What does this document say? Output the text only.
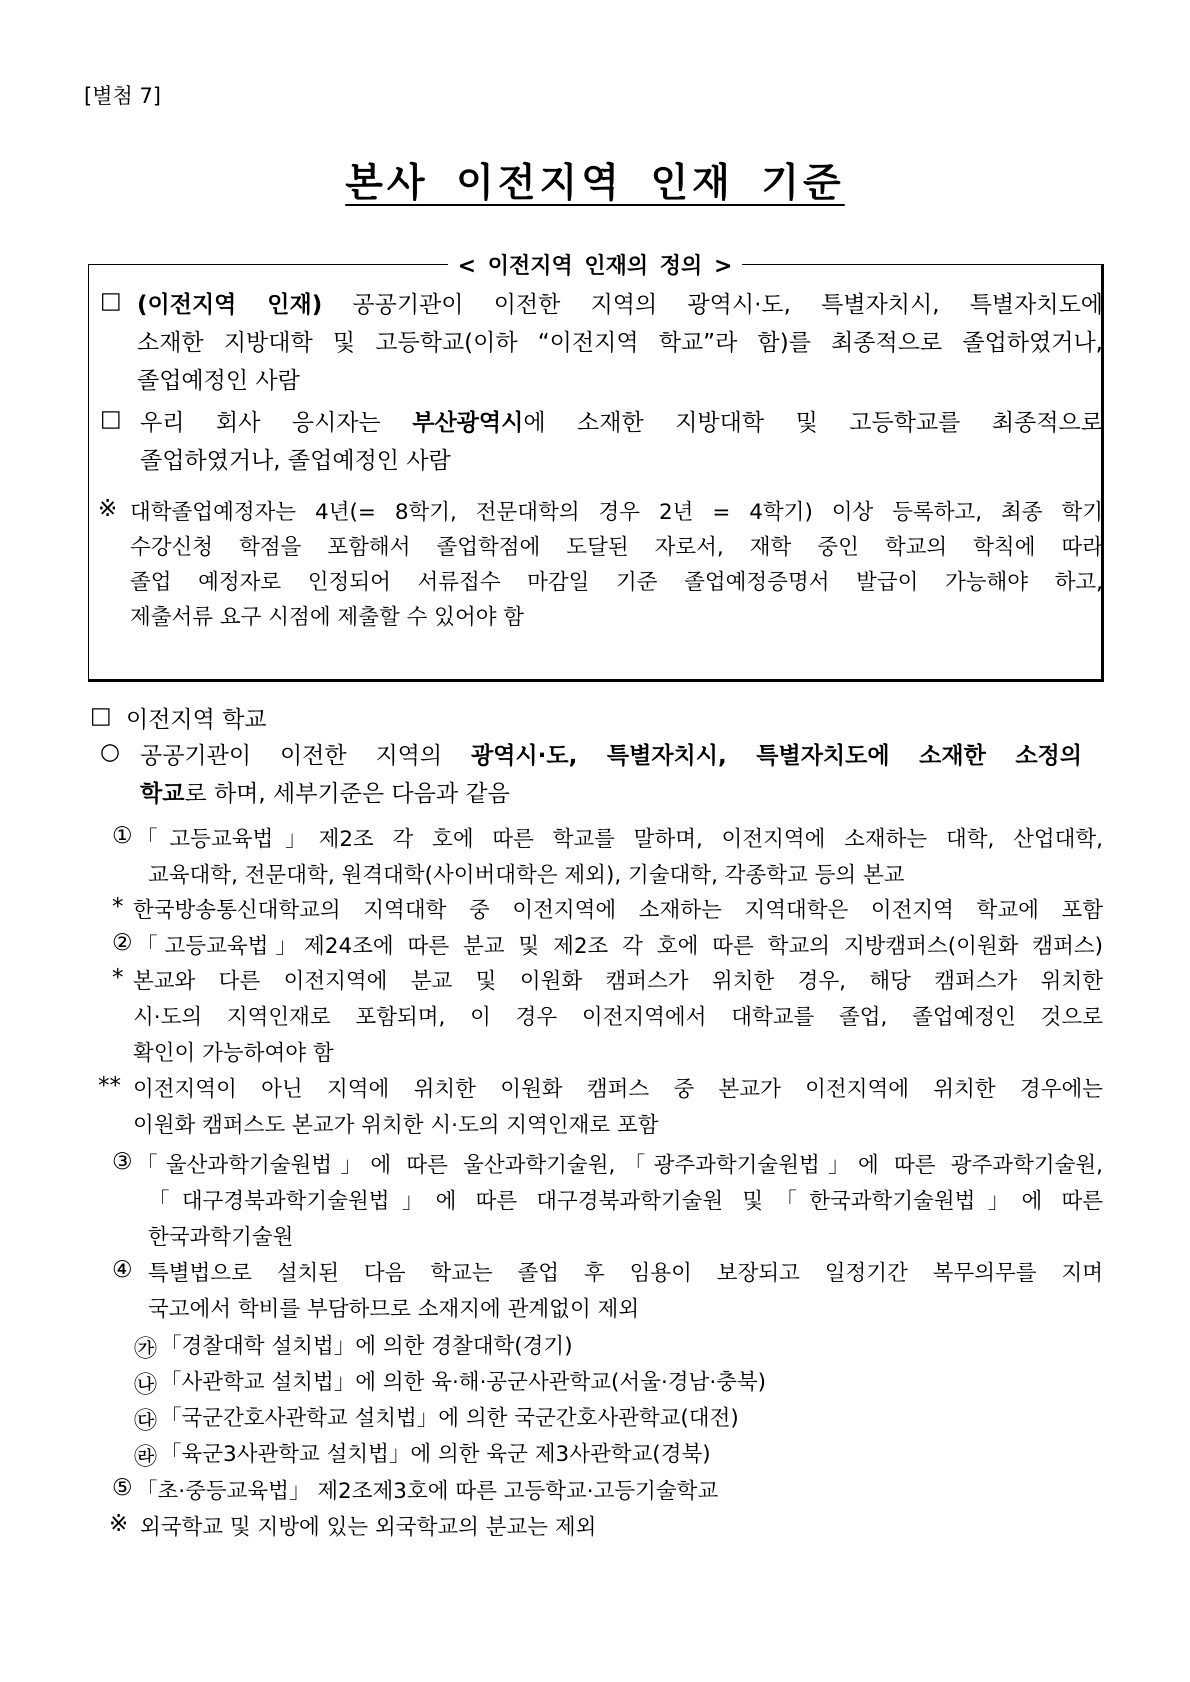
[별첨 7]
본사 이전지역 인재 기준
< 이전지역 인재의 정의 >
□ (이전지역 인재) 공공기관이 이전한 지역의 광역시·도, 특별자치시, 특별자치도에
소재한 지방대학 및 고등학교(이하 “이전지역 학교”라 함)를 최종적으로 졸업하였거나,
졸업예정인 사람
□ 우리 회사 응시자는 부산광역시에 소재한 지방대학 및 고등학교를 최종적으로
졸업하였거나, 졸업예정인 사람
※ 대학졸업예정자는 4년(= 8학기, 전문대학의 경우 2년 = 4학기) 이상 등록하고, 최종 학기
수강신청 학점을 포함해서 졸업학점에 도달된 자로서, 재학 중인 학교의 학칙에 따라
졸업 예정자로 인정되어 서류접수 마감일 기준 졸업예정증명서 발급이 가능해야 하고,
제출서류 요구 시점에 제출할 수 있어야 함
□ 이전지역 학교
○ 공공기관이 이전한 지역의 광역시·도, 특별자치시, 특별자치도에 소재한 소정의
학교로 하며, 세부기준은 다음과 같음
① 「고등교육법」제2조 각 호에 따른 학교를 말하며, 이전지역에 소재하는 대학, 산업대학,
교육대학, 전문대학, 원격대학(사이버대학은 제외), 기술대학, 각종학교 등의 본교
* 한국방송통신대학교의 지역대학 중 이전지역에 소재하는 지역대학은 이전지역 학교에 포함
② 「고등교육법」제24조에 따른 분교 및 제2조 각 호에 따른 학교의 지방캠퍼스(이원화 캠퍼스)
* 본교와 다른 이전지역에 분교 및 이원화 캠퍼스가 위치한 경우, 해당 캠퍼스가 위치한
시·도의 지역인재로 포함되며, 이 경우 이전지역에서 대학교를 졸업, 졸업예정인 것으로
확인이 가능하여야 함
** 이전지역이 아닌 지역에 위치한 이원화 캠퍼스 중 본교가 이전지역에 위치한 경우에는
이원화 캠퍼스도 본교가 위치한 시·도의 지역인재로 포함
③ 「울산과학기술원법」에 따른 울산과학기술원,「광주과학기술원법」에 따른 광주과학기술원,
「대구경북과학기술원법」에 따른 대구경북과학기술원 및「한국과학기술원법」에 따른
한국과학기술원
④ 특별법으로 설치된 다음 학교는 졸업 후 임용이 보장되고 일정기간 복무의무를 지며
국고에서 학비를 부담하므로 소재지에 관계없이 제외
㉮ 「경찰대학 설치법」에 의한 경찰대학(경기)
㉯ 「사관학교 설치법」에 의한 육·해·공군사관학교(서울·경남·충북)
㉰ 「국군간호사관학교 설치법」에 의한 국군간호사관학교(대전)
㉱ 「육군3사관학교 설치법」에 의한 육군 제3사관학교(경북)
⑤ 「초·중등교육법」 제2조제3호에 따른 고등학교·고등기술학교
※ 외국학교 및 지방에 있는 외국학교의 분교는 제외
